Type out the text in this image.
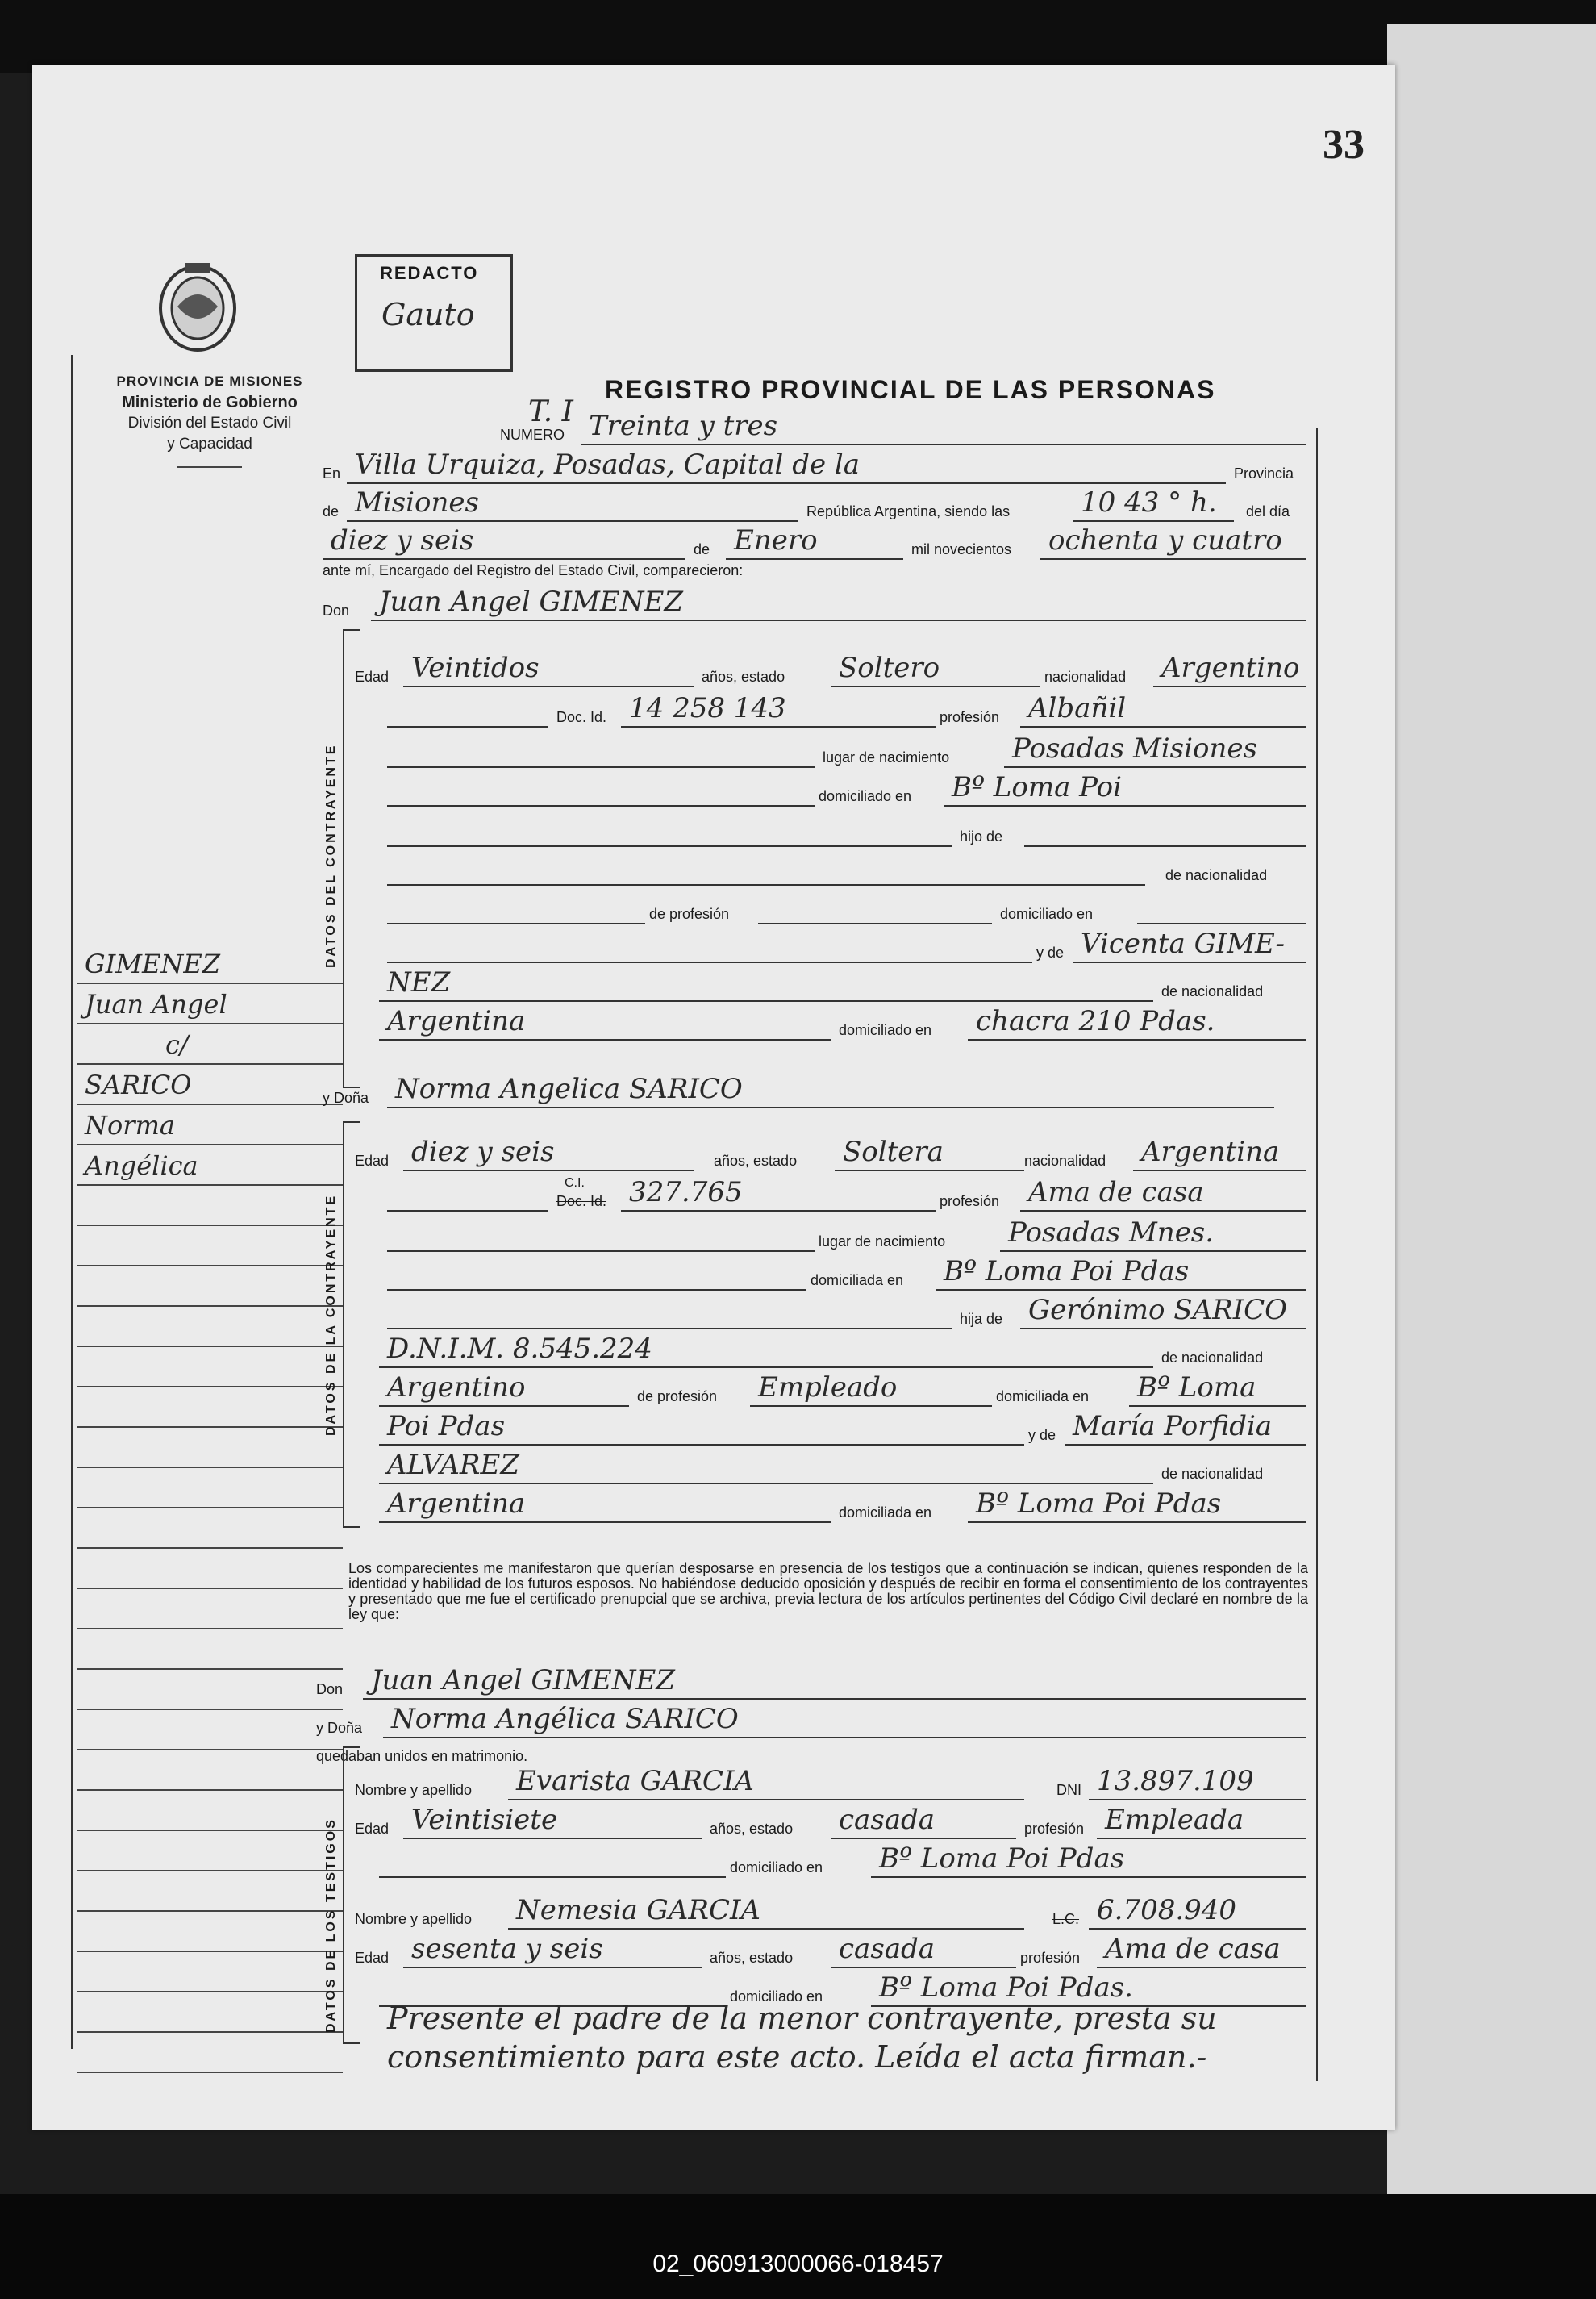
33
PROVINCIA DE MISIONES
Ministerio de Gobierno
División del Estado Civil
y Capacidad
GIMENEZ
Juan Angel
c/
SARICO
Norma
Angélica
REDACTO
Gauto
REGISTRO PROVINCIAL DE LAS PERSONAS
T. I
NUMERO Treinta y tres
En Villa Urquiza, Posadas, Capital de la	Provincia
de Misiones	República Argentina, siendo las	10 43 ° h. del día
diez y seis	de Enero	mil novecientos ochenta y cuatro
ante mí, Encargado del Registro del Estado Civil, comparecieron:
Don Juan Angel GIMENEZ
DATOS DEL CONTRAYENTE
Edad Veintidos	años, estado Soltero	nacionalidad Argentino
Doc. Id. 14 258 143	profesión Albañil
lugar de nacimiento Posadas Misiones
domiciliado en Bº Loma Poi
hijo de
de nacionalidad
de profesión	domiciliado en
y de Vicenta GIME-
NEZ	de nacionalidad
Argentina	domiciliado en chacra 210 Pdas.
y Doña Norma Angelica SARICO
DATOS DE LA CONTRAYENTE
Edad diez y seis	años, estado Soltera	nacionalidad Argentina
Doc. Id.
C.I. 327.765	profesión Ama de casa
lugar de nacimiento Posadas Mnes.
domiciliada en Bº Loma Poi Pdas
hija de Gerónimo SARICO
D.N.I.M. 8.545.224	de nacionalidad
Argentino	de profesión Empleado	domiciliada en Bº Loma
Poi Pdas	y de María Porfidia
ALVAREZ	de nacionalidad
Argentina	domiciliada en Bº Loma Poi Pdas
Los comparecientes me manifestaron que querían desposarse en presencia de los testigos que a continuación se indican, quienes responden de la identidad y habilidad de los futuros esposos. No habiéndose deducido oposición y después de recibir en forma el consentimiento de los contrayentes y presentado que me fue el certificado prenupcial que se archiva, previa lectura de los artículos pertinentes del Código Civil declaré en nombre de la ley que:
Don Juan Angel GIMENEZ
y Doña Norma Angélica SARICO
quedaban unidos en matrimonio.
DATOS DE LOS TESTIGOS
Nombre y apellido Evarista GARCIA	DNI 13.897.109
Edad Veintisiete	años, estado casada	profesión Empleada
domiciliado en Bº Loma Poi Pdas
Nombre y apellido Nemesia GARCIA	L.C. 6.708.940
Edad sesenta y seis	años, estado casada	profesión Ama de casa
domiciliado en Bº Loma Poi Pdas.
Presente el padre de la menor contrayente, presta su
consentimiento para este acto. Leída el acta firman.-
02_060913000066-018457
